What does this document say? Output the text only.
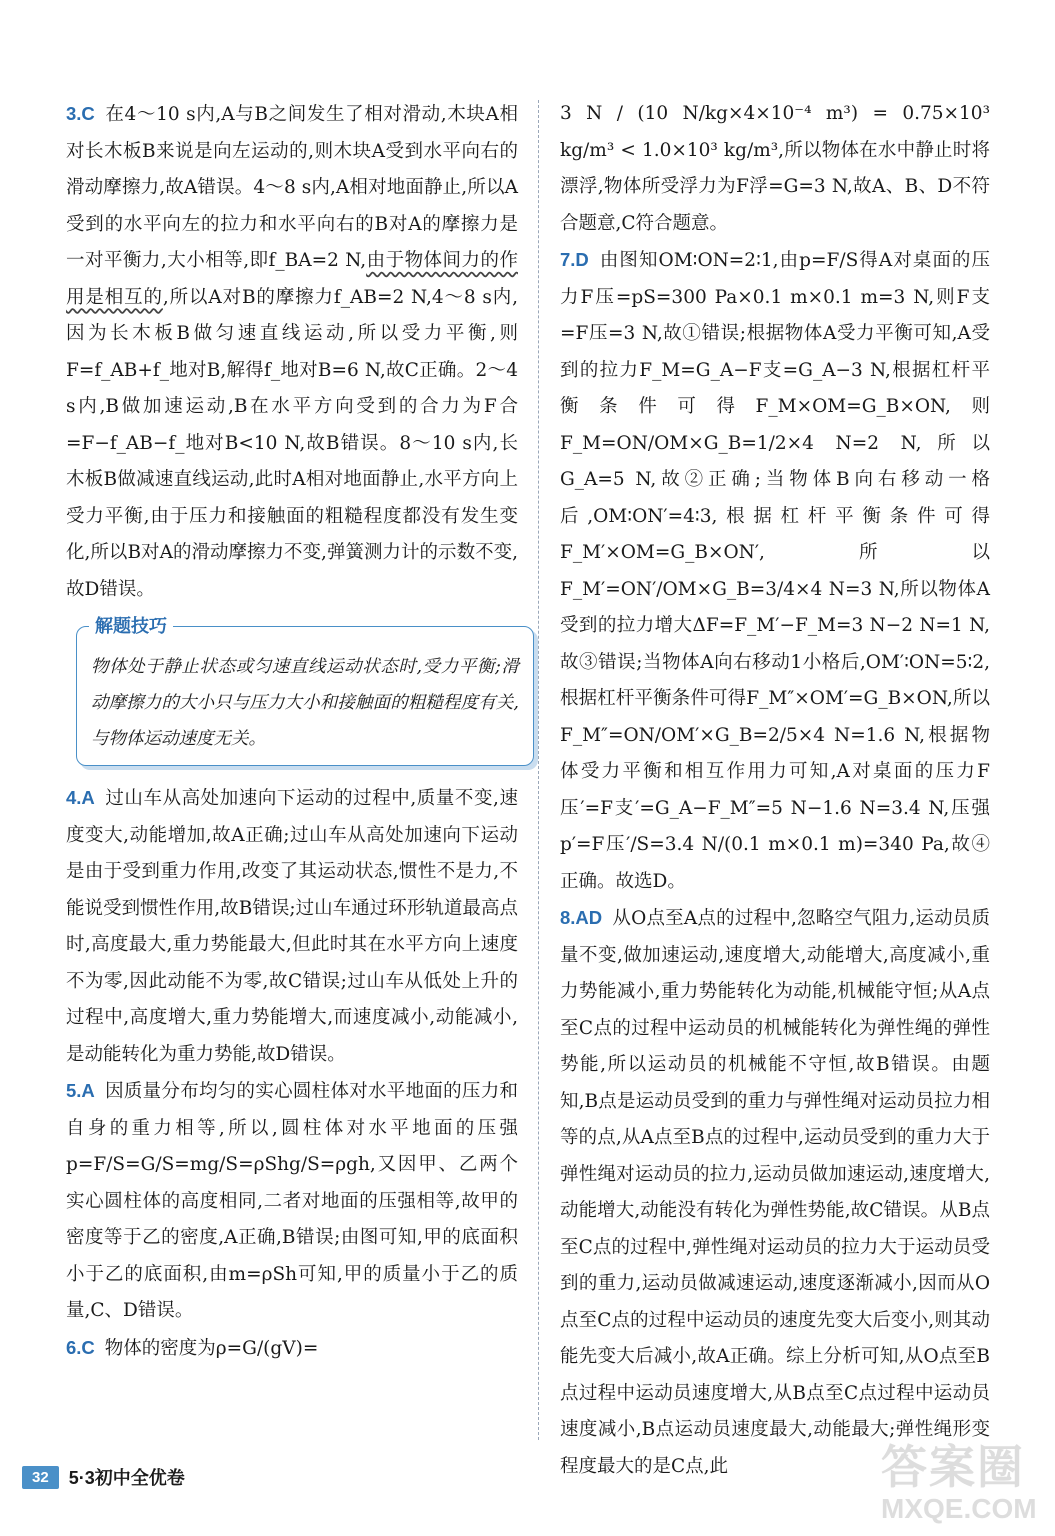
3.C 在4～10 s内,A与B之间发生了相对滑动,木块A相对长木板B来说是向左运动的,则木块A受到水平向右的滑动摩擦力,故A错误。4～8 s内,A相对地面静止,所以A受到的水平向左的拉力和水平向右的B对A的摩擦力是一对平衡力,大小相等,即f_BA=2 N,由于物体间力的作用是相互的,所以A对B的摩擦力f_AB=2 N,4～8 s内,因为长木板B做匀速直线运动,所以受力平衡,则F=f_AB+f_地对B,解得f_地对B=6 N,故C正确。2～4 s内,B做加速运动,B在水平方向受到的合力为F合=F−f_AB−f_地对B<10 N,故B错误。8～10 s内,长木板B做减速直线运动,此时A相对地面静止,水平方向上受力平衡,由于压力和接触面的粗糙程度都没有发生变化,所以B对A的滑动摩擦力不变,弹簧测力计的示数不变,故D错误。

解题技巧
物体处于静止状态或匀速直线运动状态时,受力平衡;滑动摩擦力的大小只与压力大小和接触面的粗糙程度有关,与物体运动速度无关。

4.A 过山车从高处加速向下运动的过程中,质量不变,速度变大,动能增加,故A正确;过山车从高处加速向下运动是由于受到重力作用,改变了其运动状态,惯性不是力,不能说受到惯性作用,故B错误;过山车通过环形轨道最高点时,高度最大,重力势能最大,但此时其在水平方向上速度不为零,因此动能不为零,故C错误;过山车从低处上升的过程中,高度增大,重力势能增大,而速度减小,动能减小,是动能转化为重力势能,故D错误。

5.A 因质量分布均匀的实心圆柱体对水平地面的压力和自身的重力相等,所以,圆柱体对水平地面的压强p=F/S=G/S=mg/S=ρShg/S=ρgh,又因甲、乙两个实心圆柱体的高度相同,二者对地面的压强相等,故甲的密度等于乙的密度,A正确,B错误;由图可知,甲的底面积小于乙的底面积,由m=ρSh可知,甲的质量小于乙的质量,C、D错误。

6.C 物体的密度为ρ=G/(gV)=

3 N / (10 N/kg×4×10⁻⁴ m³) = 0.75×10³ kg/m³ < 1.0×10³ kg/m³,所以物体在水中静止时将漂浮,物体所受浮力为F浮=G=3 N,故A、B、D不符合题意,C符合题意。

7.D 由图知OM∶ON=2∶1,由p=F/S得A对桌面的压力F压=pS=300 Pa×0.1 m×0.1 m=3 N,则F支=F压=3 N,故①错误;根据物体A受力平衡可知,A受到的拉力F_M=G_A−F支=G_A−3 N,根据杠杆平衡条件可得F_M×OM=G_B×ON,则F_M=ON/OM×G_B=1/2×4 N=2 N,所以G_A=5 N,故②正确;当物体B向右移动一格后,OM∶ON′=4∶3,根据杠杆平衡条件可得F_M′×OM=G_B×ON′,所以F_M′=ON′/OM×G_B=3/4×4 N=3 N,所以物体A受到的拉力增大ΔF=F_M′−F_M=3 N−2 N=1 N,故③错误;当物体A向右移动1小格后,OM′∶ON=5∶2,根据杠杆平衡条件可得F_M″×OM′=G_B×ON,所以F_M″=ON/OM′×G_B=2/5×4 N=1.6 N,根据物体受力平衡和相互作用力可知,A对桌面的压力F压′=F支′=G_A−F_M″=5 N−1.6 N=3.4 N,压强p′=F压′/S=3.4 N/(0.1 m×0.1 m)=340 Pa,故④正确。故选D。

8.AD 从O点至A点的过程中,忽略空气阻力,运动员质量不变,做加速运动,速度增大,动能增大,高度减小,重力势能减小,重力势能转化为动能,机械能守恒;从A点至C点的过程中运动员的机械能转化为弹性绳的弹性势能,所以运动员的机械能不守恒,故B错误。由题知,B点是运动员受到的重力与弹性绳对运动员拉力相等的点,从A点至B点的过程中,运动员受到的重力大于弹性绳对运动员的拉力,运动员做加速运动,速度增大,动能增大,动能没有转化为弹性势能,故C错误。从B点至C点的过程中,弹性绳对运动员的拉力大于运动员受到的重力,运动员做减速运动,速度逐渐减小,因而从O点至C点的过程中运动员的速度先变大后变小,则其动能先变大后减小,故A正确。综上分析可知,从O点至B点过程中运动员速度增大,从B点至C点过程中运动员速度减小,B点运动员速度最大,动能最大;弹性绳形变程度最大的是C点,此

32	5·3初中全优卷	答案圈
MXQE.COM
